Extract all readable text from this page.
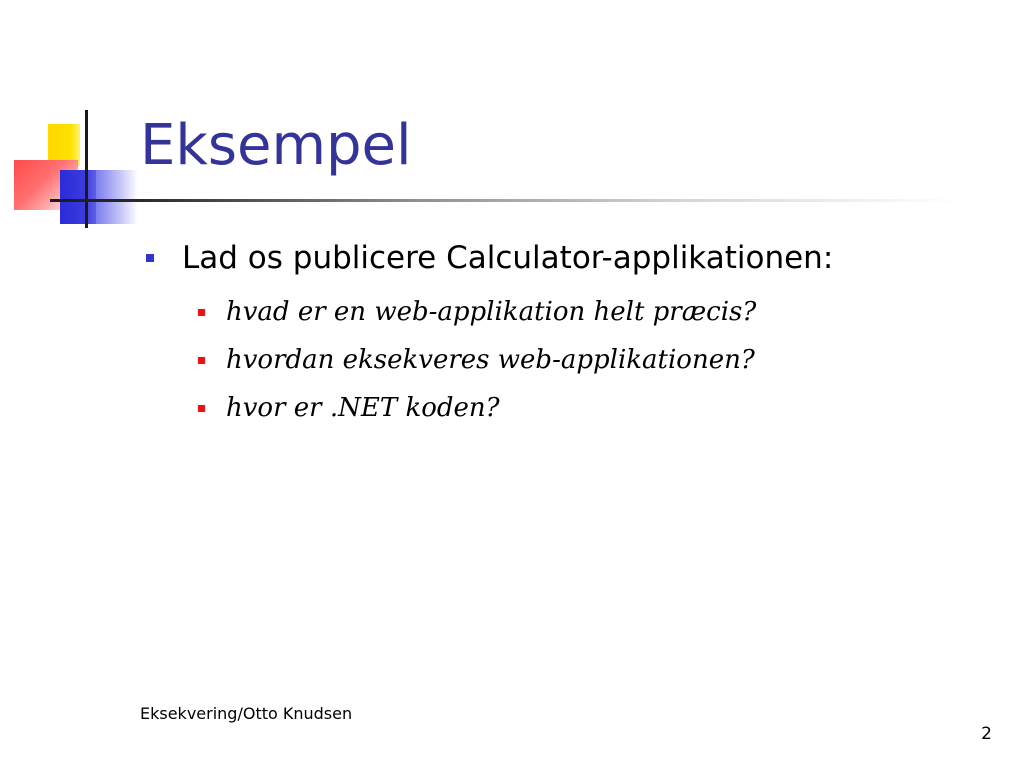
Eksempel
Lad os publicere Calculator-applikationen:
hvad er en web-applikation helt præcis?
hvordan eksekveres web-applikationen?
hvor er .NET koden?
Eksekvering/Otto Knudsen
2
